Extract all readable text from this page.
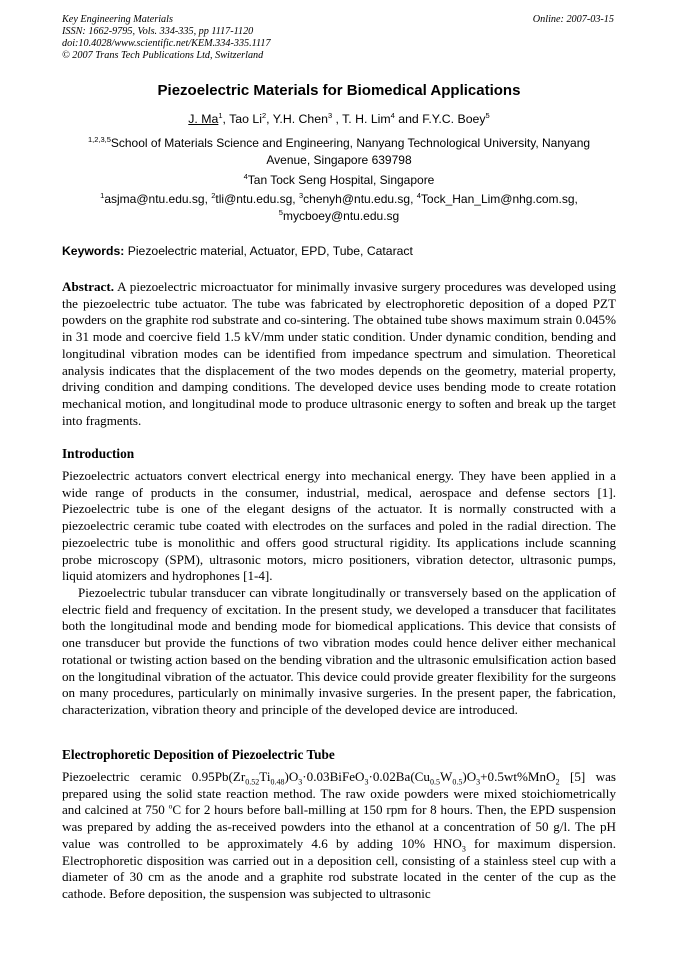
Key Engineering Materials
ISSN: 1662-9795, Vols. 334-335, pp 1117-1120
doi:10.4028/www.scientific.net/KEM.334-335.1117
© 2007 Trans Tech Publications Ltd, Switzerland
Online: 2007-03-15
Piezoelectric Materials for Biomedical Applications
J. Ma$^1$, Tao Li$^2$, Y.H. Chen$^3$ , T. H. Lim$^4$ and F.Y.C. Boey$^5$
$^{1,2,3,5}$School of Materials Science and Engineering, Nanyang Technological University, Nanyang
Avenue, Singapore 639798
$^4$Tan Tock Seng Hospital, Singapore
$^1$asjma@ntu.edu.sg, $^2$tli@ntu.edu.sg, $^3$chenyh@ntu.edu.sg, $^4$Tock_Han_Lim@nhg.com.sg,
$^5$mycboey@ntu.edu.sg
Keywords: Piezoelectric material, Actuator, EPD, Tube, Cataract

Abstract. A piezoelectric microactuator for minimally invasive surgery procedures was developed using the piezoelectric tube actuator. The tube was fabricated by electrophoretic deposition of a doped PZT powders on the graphite rod substrate and co-sintering. The obtained tube shows maximum strain 0.045% in 31 mode and coercive field 1.5 kV/mm under static condition. Under dynamic condition, bending and longitudinal vibration modes can be identified from impedance spectrum and simulation. Theoretical analysis indicates that the displacement of the two modes depends on the geometry, material property, driving condition and damping conditions. The developed device uses bending mode to create rotation mechanical motion, and longitudinal mode to produce ultrasonic energy to soften and break up the target into fragments.

Introduction

Piezoelectric actuators convert electrical energy into mechanical energy. They have been applied in a wide range of products in the consumer, industrial, medical, aerospace and defense sectors [1]. Piezoelectric tube is one of the elegant designs of the actuator. It is normally constructed with a piezoelectric ceramic tube coated with electrodes on the surfaces and poled in the radial direction. The piezoelectric tube is monolithic and offers good structural rigidity. Its applications include scanning probe microscopy (SPM), ultrasonic motors, micro positioners, vibration detector, ultrasonic pumps, liquid atomizers and hydrophones [1-4].

Piezoelectric tubular transducer can vibrate longitudinally or transversely based on the application of electric field and frequency of excitation. In the present study, we developed a transducer that facilitates both the longitudinal mode and bending mode for biomedical applications. This device that consists of one transducer but provide the functions of two vibration modes could hence deliver either mechanical rotational or twisting action based on the bending vibration and the ultrasonic emulsification action based on the longitudinal vibration of the actuator. This device could provide greater flexibility for the surgeons on many procedures, particularly on minimally invasive surgeries. In the present paper, the fabrication, characterization, vibration theory and principle of the developed device are introduced.

Electrophoretic Deposition of Piezoelectric Tube

Piezoelectric ceramic $0.95Pb(Zr_{0.52}Ti_{0.48})O_3\cdot 0.03BiFeO_3\cdot 0.02Ba(Cu_{0.5}W_{0.5})O_3+0.5wt\%MnO_2$ [5] was prepared using the solid state reaction method. The raw oxide powders were mixed stoichiometrically and calcined at 750 $^o$C for 2 hours before ball-milling at 150 rpm for 8 hours. Then, the EPD suspension was prepared by adding the as-received powders into the ethanol at a concentration of 50 g/l. The pH value was controlled to be approximately 4.6 by adding 10% $HNO_3$ for maximum dispersion. Electrophoretic disposition was carried out in a deposition cell, consisting of a stainless steel cup with a diameter of 30 cm as the anode and a graphite rod substrate located in the center of the cup as the cathode. Before deposition, the suspension was subjected to ultrasonic
